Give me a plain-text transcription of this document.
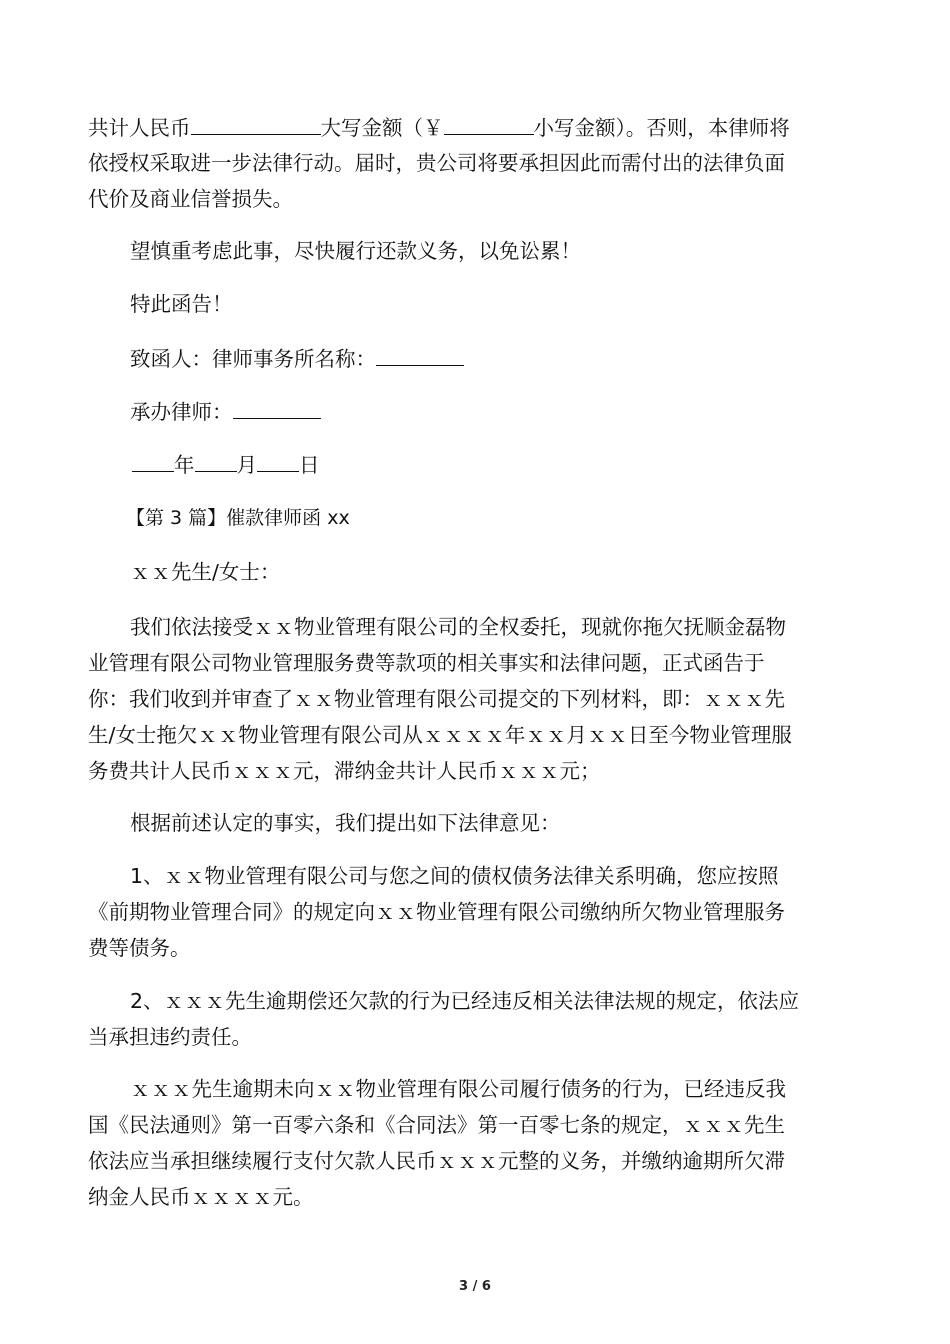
共计人民币	大写金额（￥	小写金额）。否则，本律师将
依授权采取进一步法律行动。届时，贵公司将要承担因此而需付出的法律负面
代价及商业信誉损失。
望慎重考虑此事，尽快履行还款义务，以免讼累！
特此函告！
致函人：律师事务所名称：
承办律师：
年 月 日
【第 3 篇】催款律师函 xx
ｘｘ先生/女士：
我们依法接受ｘｘ物业管理有限公司的全权委托，现就你拖欠抚顺金磊物
业管理有限公司物业管理服务费等款项的相关事实和法律问题，正式函告于
你：我们收到并审查了ｘｘ物业管理有限公司提交的下列材料，即：ｘｘｘ先
生/女士拖欠ｘｘ物业管理有限公司从ｘｘｘｘ年ｘｘ月ｘｘ日至今物业管理服
务费共计人民币ｘｘｘ元，滞纳金共计人民币ｘｘｘ元；
根据前述认定的事实，我们提出如下法律意见：
1、ｘｘ物业管理有限公司与您之间的债权债务法律关系明确，您应按照
《前期物业管理合同》的规定向ｘｘ物业管理有限公司缴纳所欠物业管理服务
费等债务。
2、ｘｘｘ先生逾期偿还欠款的行为已经违反相关法律法规的规定，依法应
当承担违约责任。
ｘｘｘ先生逾期未向ｘｘ物业管理有限公司履行债务的行为，已经违反我
国《民法通则》第一百零六条和《合同法》第一百零七条的规定，ｘｘｘ先生
依法应当承担继续履行支付欠款人民币ｘｘｘ元整的义务，并缴纳逾期所欠滞
纳金人民币ｘｘｘｘ元。
3 / 6
